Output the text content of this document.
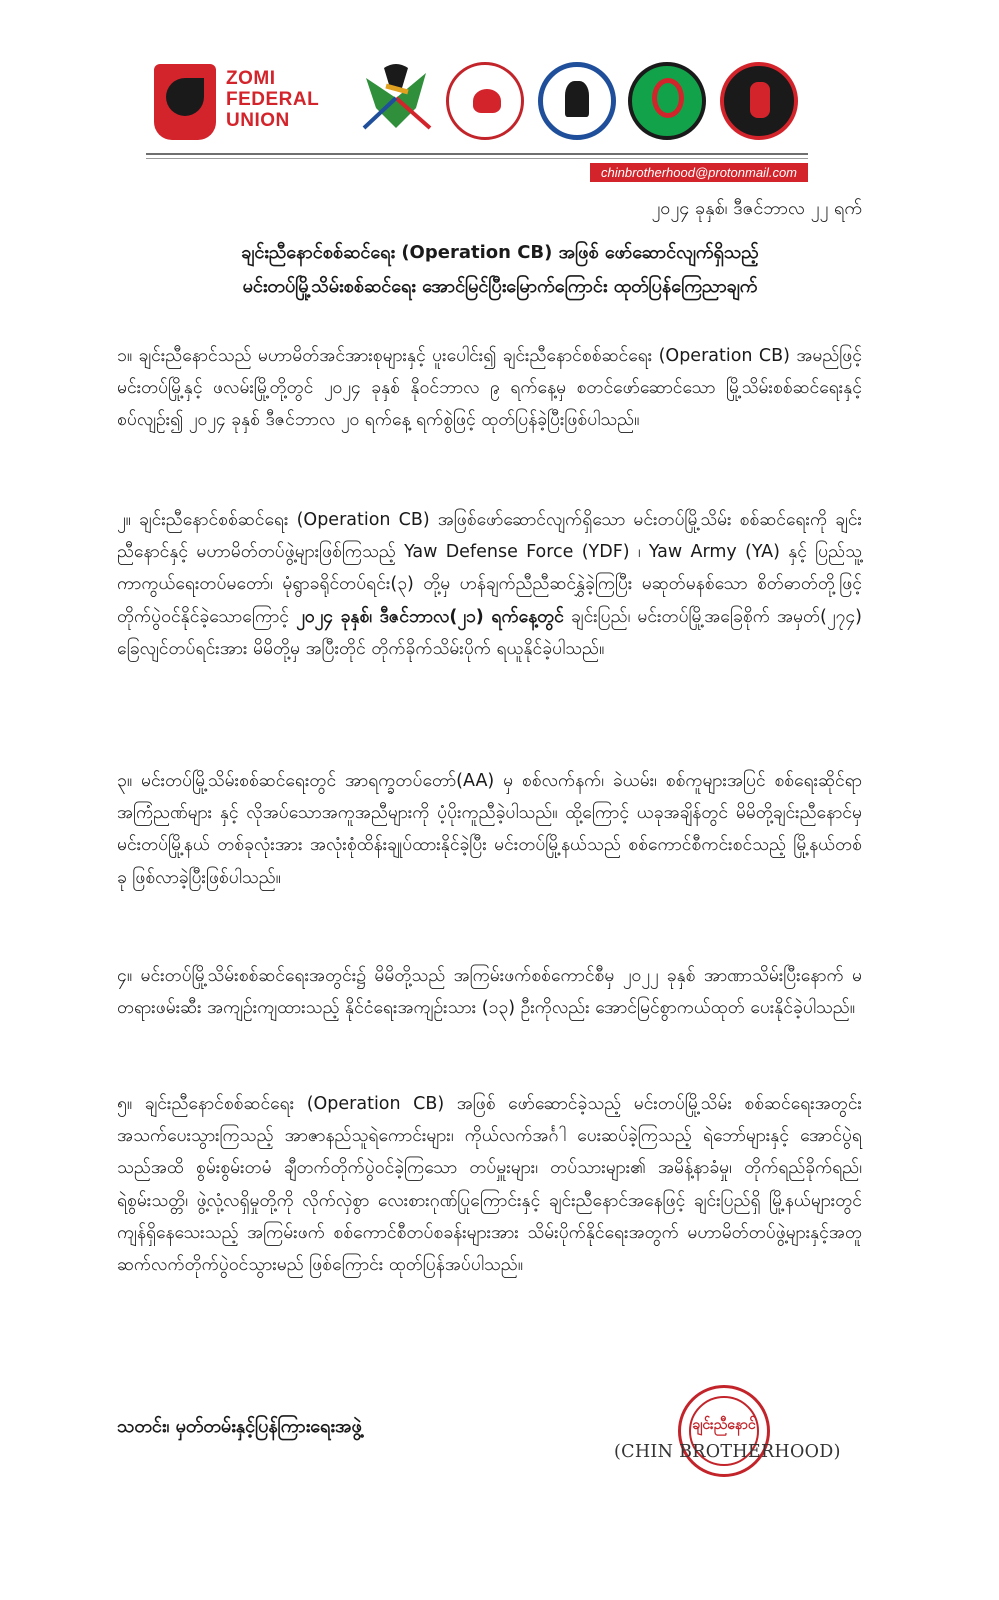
ZOMI
FEDERAL
UNION
chinbrotherhood@protonmail.com
၂၀၂၄ ခုနှစ်၊ ဒီဇင်ဘာလ ၂၂ ရက်
ချင်းညီနောင်စစ်ဆင်ရေး (Operation CB) အဖြစ် ဖော်ဆောင်လျက်ရှိသည့်
မင်းတပ်မြို့သိမ်းစစ်ဆင်ရေး အောင်မြင်ပြီးမြောက်ကြောင်း ထုတ်ပြန်ကြေညာချက်
၁။ ချင်းညီနောင်သည် မဟာမိတ်အင်အားစုများနှင့် ပူးပေါင်း၍ ချင်းညီနောင်စစ်ဆင်ရေး (Operation CB) အမည်ဖြင့် မင်းတပ်မြို့နှင့် ဖလမ်းမြို့တို့တွင် ၂၀၂၄ ခုနှစ် နိုဝင်ဘာလ ၉ ရက်နေ့မှ စတင်ဖော်ဆောင်သော မြို့သိမ်းစစ်ဆင်ရေးနှင့်စပ်လျဉ်း၍ ၂၀၂၄ ခုနှစ် ဒီဇင်ဘာလ ၂၀ ရက်နေ့ ရက်စွဲဖြင့် ထုတ်ပြန်ခဲ့ပြီးဖြစ်ပါသည်။
၂။ ချင်းညီနောင်စစ်ဆင်ရေး (Operation CB) အဖြစ်ဖော်ဆောင်လျက်ရှိသော မင်းတပ်မြို့သိမ်း စစ်ဆင်ရေးကို ချင်းညီနောင်နှင့် မဟာမိတ်တပ်ဖွဲ့များဖြစ်ကြသည့် Yaw Defense Force (YDF) ၊ Yaw Army (YA) နှင့် ပြည်သူ့ကာကွယ်ရေးတပ်မတော်၊ မုံရွာခရိုင်တပ်ရင်း(၃) တို့မှ ဟန်ချက်ညီညီဆင်နွှဲခဲ့ကြပြီး မဆုတ်မနစ်သော စိတ်ဓာတ်တို့ဖြင့် တိုက်ပွဲဝင်နိုင်ခဲ့သောကြောင့် ၂၀၂၄ ခုနှစ်၊ ဒီဇင်ဘာလ(၂၁) ရက်နေ့တွင် ချင်းပြည်၊ မင်းတပ်မြို့အခြေစိုက် အမှတ်(၂၇၄) ခြေလျင်တပ်ရင်းအား မိမိတို့မှ အပြီးတိုင် တိုက်ခိုက်သိမ်းပိုက် ရယူနိုင်ခဲ့ပါသည်။
၃။ မင်းတပ်မြို့သိမ်းစစ်ဆင်ရေးတွင် အာရက္ခတပ်တော်(AA) မှ စစ်လက်နက်၊ ခဲယမ်း၊ စစ်ကူများအပြင် စစ်ရေးဆိုင်ရာအကြံညဏ်များ နှင့် လိုအပ်သောအကူအညီများကို ပံ့ပိုးကူညီခဲ့ပါသည်။ ထို့ကြောင့် ယခုအချိန်တွင် မိမိတို့ချင်းညီနောင်မှ မင်းတပ်မြို့နယ် တစ်ခုလုံးအား အလုံးစုံထိန်းချုပ်ထားနိုင်ခဲ့ပြီး မင်းတပ်မြို့နယ်သည် စစ်ကောင်စီကင်းစင်သည့် မြို့နယ်တစ်ခု ဖြစ်လာခဲ့ပြီးဖြစ်ပါသည်။
၄။ မင်းတပ်မြို့သိမ်းစစ်ဆင်ရေးအတွင်း၌ မိမိတို့သည် အကြမ်းဖက်စစ်ကောင်စီမှ ၂၀၂၂ ခုနှစ် အာဏာသိမ်းပြီးနောက် မတရားဖမ်းဆီး အကျဉ်းကျထားသည့် နိုင်ငံရေးအကျဉ်းသား (၁၃) ဦးကိုလည်း အောင်မြင်စွာကယ်ထုတ် ပေးနိုင်ခဲ့ပါသည်။
၅။ ချင်းညီနောင်စစ်ဆင်ရေး (Operation CB) အဖြစ် ဖော်ဆောင်ခဲ့သည့် မင်းတပ်မြို့သိမ်း စစ်ဆင်ရေးအတွင်း အသက်ပေးသွားကြသည့် အာဇာနည်သူရဲကောင်းများ၊ ကိုယ်လက်အင်္ဂါ ပေးဆပ်ခဲ့ကြသည့် ရဲဘော်များနှင့် အောင်ပွဲရသည်အထိ စွမ်းစွမ်းတမံ ချီတက်တိုက်ပွဲဝင်ခဲ့ကြသော တပ်မှူးများ၊ တပ်သားများ၏ အမိန့်နာခံမှု၊ တိုက်ရည်ခိုက်ရည်၊ ရဲစွမ်းသတ္တိ၊ ဖွဲ့လုံ့လရှိမှုတို့ကို လိုက်လှဲစွာ လေးစားဂုဏ်ပြုကြောင်းနှင့် ချင်းညီနောင်အနေဖြင့် ချင်းပြည်ရှိ မြို့နယ်များတွင် ကျန်ရှိနေသေးသည့် အကြမ်းဖက် စစ်ကောင်စီတပ်စခန်းများအား သိမ်းပိုက်နိုင်ရေးအတွက် မဟာမိတ်တပ်ဖွဲ့များနှင့်အတူ ဆက်လက်တိုက်ပွဲဝင်သွားမည် ဖြစ်ကြောင်း ထုတ်ပြန်အပ်ပါသည်။
သတင်း၊ မှတ်တမ်းနှင့်ပြန်ကြားရေးအဖွဲ့	ချင်းညီနောင်
(CHIN BROTHERHOOD)
